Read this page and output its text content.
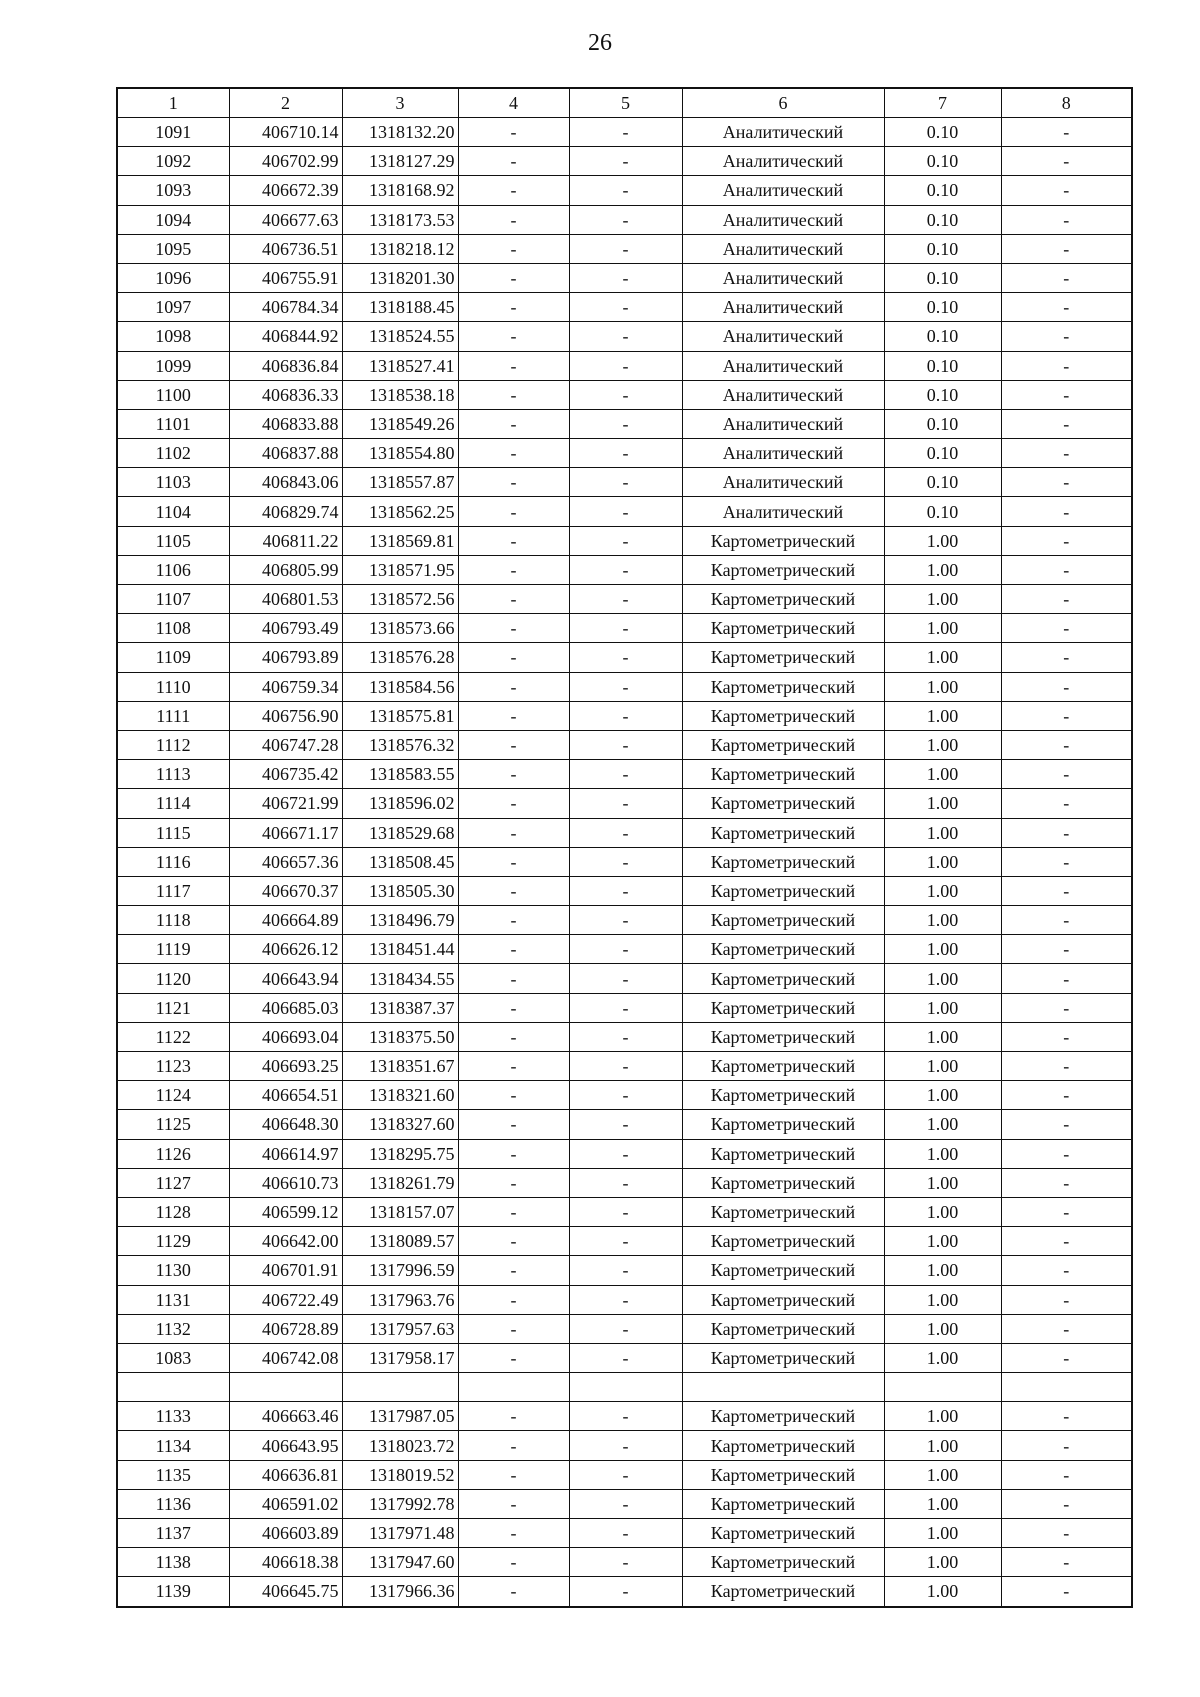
26
1	2	3	4	5	6	7	8
1091	406710.14	1318132.20	-	-	Аналитический	0.10	-
1092	406702.99	1318127.29	-	-	Аналитический	0.10	-
1093	406672.39	1318168.92	-	-	Аналитический	0.10	-
1094	406677.63	1318173.53	-	-	Аналитический	0.10	-
1095	406736.51	1318218.12	-	-	Аналитический	0.10	-
1096	406755.91	1318201.30	-	-	Аналитический	0.10	-
1097	406784.34	1318188.45	-	-	Аналитический	0.10	-
1098	406844.92	1318524.55	-	-	Аналитический	0.10	-
1099	406836.84	1318527.41	-	-	Аналитический	0.10	-
1100	406836.33	1318538.18	-	-	Аналитический	0.10	-
1101	406833.88	1318549.26	-	-	Аналитический	0.10	-
1102	406837.88	1318554.80	-	-	Аналитический	0.10	-
1103	406843.06	1318557.87	-	-	Аналитический	0.10	-
1104	406829.74	1318562.25	-	-	Аналитический	0.10	-
1105	406811.22	1318569.81	-	-	Картометрический	1.00	-
1106	406805.99	1318571.95	-	-	Картометрический	1.00	-
1107	406801.53	1318572.56	-	-	Картометрический	1.00	-
1108	406793.49	1318573.66	-	-	Картометрический	1.00	-
1109	406793.89	1318576.28	-	-	Картометрический	1.00	-
1110	406759.34	1318584.56	-	-	Картометрический	1.00	-
1111	406756.90	1318575.81	-	-	Картометрический	1.00	-
1112	406747.28	1318576.32	-	-	Картометрический	1.00	-
1113	406735.42	1318583.55	-	-	Картометрический	1.00	-
1114	406721.99	1318596.02	-	-	Картометрический	1.00	-
1115	406671.17	1318529.68	-	-	Картометрический	1.00	-
1116	406657.36	1318508.45	-	-	Картометрический	1.00	-
1117	406670.37	1318505.30	-	-	Картометрический	1.00	-
1118	406664.89	1318496.79	-	-	Картометрический	1.00	-
1119	406626.12	1318451.44	-	-	Картометрический	1.00	-
1120	406643.94	1318434.55	-	-	Картометрический	1.00	-
1121	406685.03	1318387.37	-	-	Картометрический	1.00	-
1122	406693.04	1318375.50	-	-	Картометрический	1.00	-
1123	406693.25	1318351.67	-	-	Картометрический	1.00	-
1124	406654.51	1318321.60	-	-	Картометрический	1.00	-
1125	406648.30	1318327.60	-	-	Картометрический	1.00	-
1126	406614.97	1318295.75	-	-	Картометрический	1.00	-
1127	406610.73	1318261.79	-	-	Картометрический	1.00	-
1128	406599.12	1318157.07	-	-	Картометрический	1.00	-
1129	406642.00	1318089.57	-	-	Картометрический	1.00	-
1130	406701.91	1317996.59	-	-	Картометрический	1.00	-
1131	406722.49	1317963.76	-	-	Картометрический	1.00	-
1132	406728.89	1317957.63	-	-	Картометрический	1.00	-
1083	406742.08	1317958.17	-	-	Картометрический	1.00	-

1133	406663.46	1317987.05	-	-	Картометрический	1.00	-
1134	406643.95	1318023.72	-	-	Картометрический	1.00	-
1135	406636.81	1318019.52	-	-	Картометрический	1.00	-
1136	406591.02	1317992.78	-	-	Картометрический	1.00	-
1137	406603.89	1317971.48	-	-	Картометрический	1.00	-
1138	406618.38	1317947.60	-	-	Картометрический	1.00	-
1139	406645.75	1317966.36	-	-	Картометрический	1.00	-
